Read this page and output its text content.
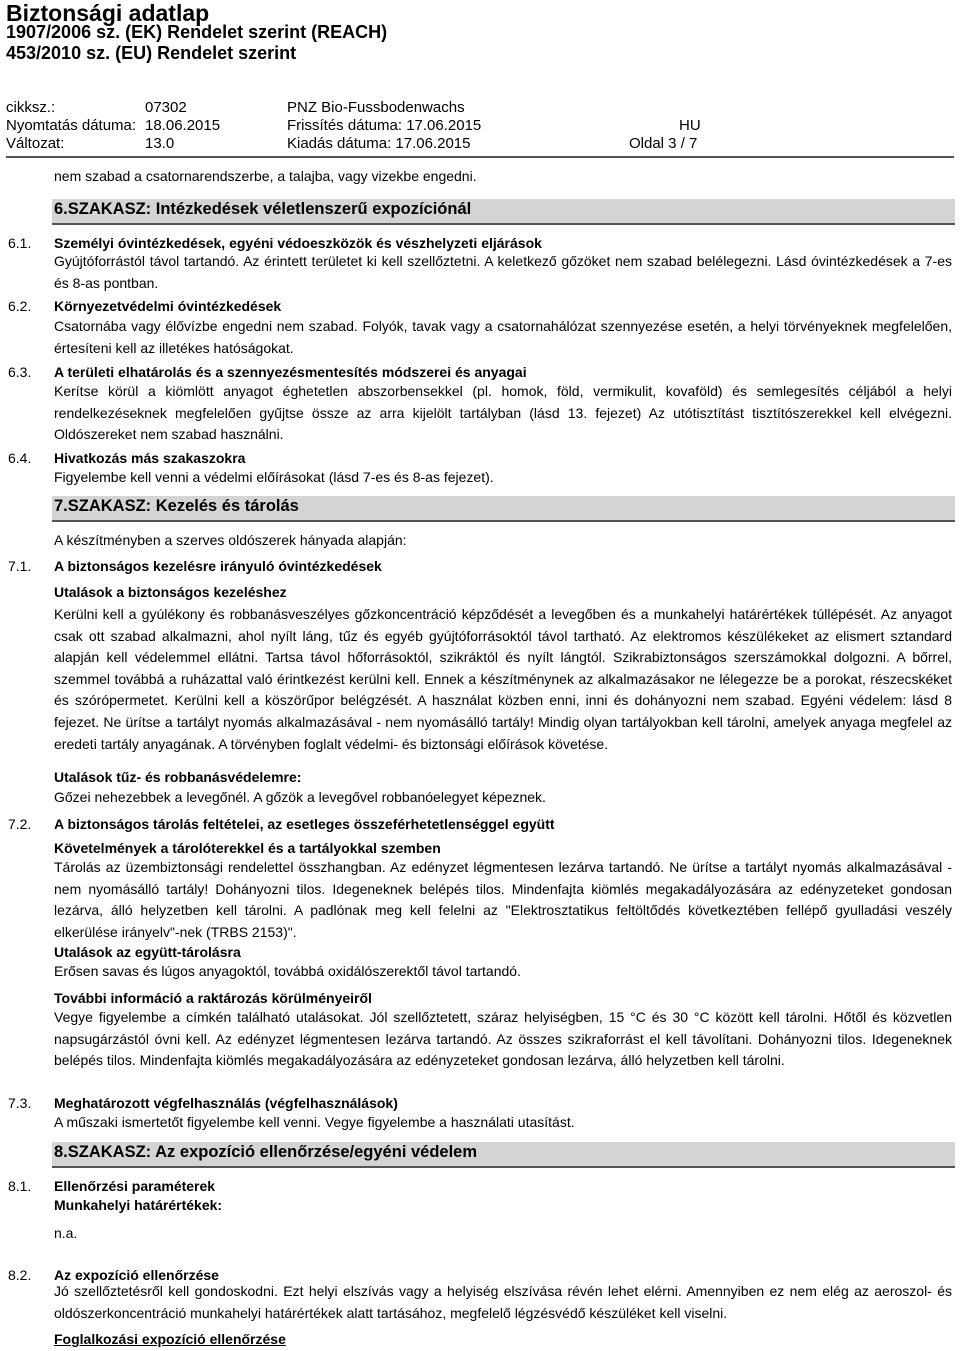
Biztonsági adatlap
1907/2006 sz. (EK) Rendelet szerint (REACH)
453/2010 sz. (EU) Rendelet szerint
cikksz.:	07302	PNZ Bio-Fussbodenwachs
Nyomtatás dátuma: 18.06.2015	Frissítés dátuma: 17.06.2015	HU
Változat:	13.0	Kiadás dátuma: 17.06.2015	Oldal 3 / 7
nem szabad a csatornarendszerbe, a talajba, vagy vizekbe engedni.
6.SZAKASZ: Intézkedések véletlenszerű expozíciónál
6.1. Személyi óvintézkedések, egyéni védoeszközök és vészhelyzeti eljárások
Gyújtóforrástól távol tartandó. Az érintett területet ki kell szellőztetni. A keletkező gőzöket nem szabad belélegezni. Lásd óvintézkedések a 7-es és 8-as pontban.
6.2. Környezetvédelmi óvintézkedések
Csatornába vagy élővízbe engedni nem szabad. Folyók, tavak vagy a csatornahálózat szennyezése esetén, a helyi törvényeknek megfelelően, értesíteni kell az illetékes hatóságokat.
6.3. A területi elhatárolás és a szennyezésmentesítés módszerei és anyagai
Kerítse körül a kiömlött anyagot éghetetlen abszorbensekkel (pl. homok, föld, vermikulit, kovaföld) és semlegesítés céljából a helyi rendelkezéseknek megfelelően gyűjtse össze az arra kijelölt tartályban (lásd 13. fejezet) Az utótisztítást tisztítószerekkel kell elvégezni. Oldószereket nem szabad használni.
6.4. Hivatkozás más szakaszokra
Figyelembe kell venni a védelmi előírásokat (lásd 7-es és 8-as fejezet).
7.SZAKASZ: Kezelés és tárolás
A készítményben a szerves oldószerek hányada alapján:
7.1. A biztonságos kezelésre irányuló óvintézkedések
Utalások a biztonságos kezeléshez
Kerülni kell a gyúlékony és robbanásveszélyes gőzkoncentráció képződését a levegőben és a munkahelyi határértékek túllépését. Az anyagot csak ott szabad alkalmazni, ahol nyílt láng, tűz és egyéb gyújtóforrásoktól távol tartható. Az elektromos készülékeket az elismert sztandard alapján kell védelemmel ellátni. Tartsa távol hőforrásoktól, szikráktól és nyílt lángtól. Szikrabiztonságos szerszámokkal dolgozni. A bőrrel, szemmel továbbá a ruházattal való érintkezést kerülni kell. Ennek a készítménynek az alkalmazásakor ne lélegezze be a porokat, részecskéket és szórópermetet. Kerülni kell a köszörűpor belégzését. A használat közben enni, inni és dohányozni nem szabad. Egyéni védelem: lásd 8 fejezet. Ne ürítse a tartályt nyomás alkalmazásával - nem nyomásálló tartály! Mindig olyan tartályokban kell tárolni, amelyek anyaga megfelel az eredeti tartály anyagának. A törvényben foglalt védelmi- és biztonsági előírások követése.
Utalások tűz- és robbanásvédelemre:
Gőzei nehezebbek a levegőnél. A gőzök a levegővel robbanóelegyet képeznek.
7.2. A biztonságos tárolás feltételei, az esetleges összeférhetetlenséggel együtt
Követelmények a tárolóterekkel és a tartályokkal szemben
Tárolás az üzembiztonsági rendelettel összhangban. Az edényzet légmentesen lezárva tartandó. Ne ürítse a tartályt nyomás alkalmazásával - nem nyomásálló tartály! Dohányozni tilos. Idegeneknek belépés tilos. Mindenfajta kiömlés megakadályozására az edényzeteket gondosan lezárva, álló helyzetben kell tárolni. A padlónak meg kell felelni az "Elektrosztatikus feltöltődés következtében fellépő gyulladási veszély elkerülése irányelv"-nek (TRBS 2153)".
Utalások az együtt-tárolásra
Erősen savas és lúgos anyagoktól, továbbá oxidálószerektől távol tartandó.
További információ a raktározás körülményeiről
Vegye figyelembe a címkén található utalásokat. Jól szellőztetett, száraz helyiségben, 15 °C és 30 °C között kell tárolni. Hőtől és közvetlen napsugárzástól óvni kell. Az edényzet légmentesen lezárva tartandó. Az összes szikraforrást el kell távolítani. Dohányozni tilos. Idegeneknek belépés tilos. Mindenfajta kiömlés megakadályozására az edényzeteket gondosan lezárva, álló helyzetben kell tárolni.
7.3. Meghatározott végfelhasználás (végfelhasználások)
A műszaki ismertetőt figyelembe kell venni. Vegye figyelembe a használati utasítást.
8.SZAKASZ: Az expozíció ellenőrzése/egyéni védelem
8.1. Ellenőrzési paraméterek
Munkahelyi határértékek:
n.a.
8.2. Az expozíció ellenőrzése
Jó szellőztetésről kell gondoskodni. Ezt helyi elszívás vagy a helyiség elszívása révén lehet elérni. Amennyiben ez nem elég az aeroszol- és oldószerkoncentráció munkahelyi határértékek alatt tartásához, megfelelő légzésvédő készüléket kell viselni.
Foglalkozási expozíció ellenőrzése
